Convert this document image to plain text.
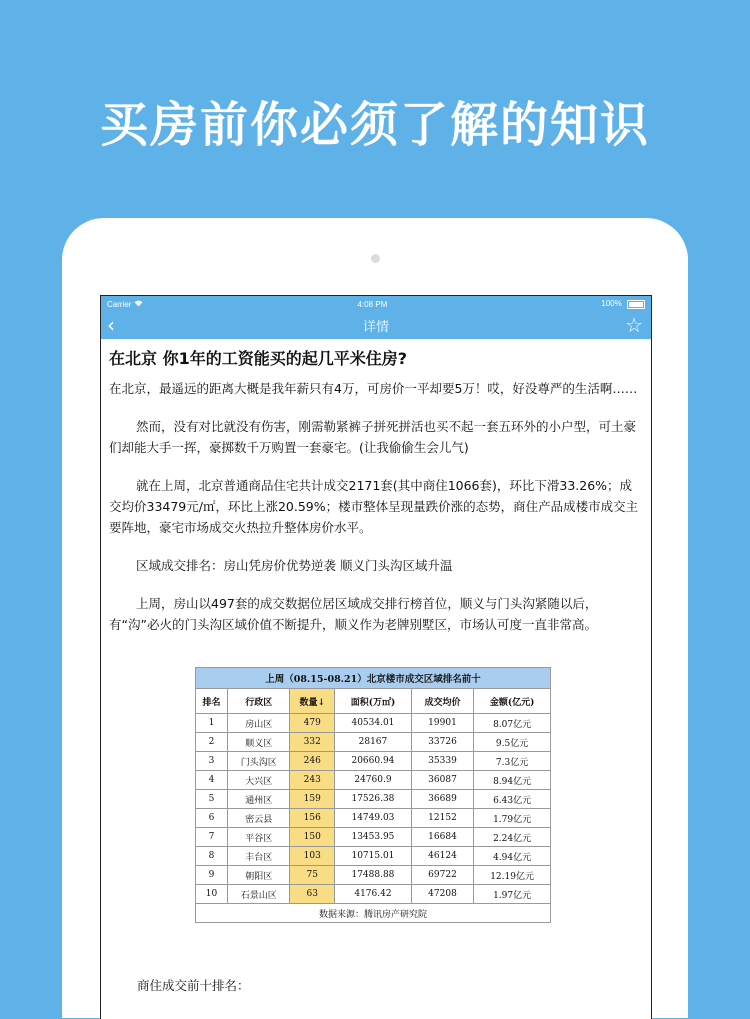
买房前你必须了解的知识
Carrier	4:08 PM	100%
‹	详情	☆
在北京 你1年的工资能买的起几平米住房?

在北京，最遥远的距离大概是我年薪只有4万，可房价一平却要5万！哎，好没尊严的生活啊……

然而，没有对比就没有伤害，刚需勒紧裤子拼死拼活也买不起一套五环外的小户型，可土豪们却能大手一挥，豪掷数千万购置一套豪宅。(让我偷偷生会儿气)

就在上周，北京普通商品住宅共计成交2171套(其中商住1066套)，环比下滑33.26%；成交均价33479元/㎡，环比上涨20.59%；楼市整体呈现量跌价涨的态势，商住产品成楼市成交主要阵地，豪宅市场成交火热拉升整体房价水平。

区域成交排名：房山凭房价优势逆袭 顺义门头沟区域升温

上周，房山以497套的成交数据位居区域成交排行榜首位，顺义与门头沟紧随以后，有“沟”必火的门头沟区域价值不断提升，顺义作为老牌别墅区，市场认可度一直非常高。

上周（08.15-08.21）北京楼市成交区域排名前十					
排名	行政区	数量↓	面积(万㎡)	成交均价	金额(亿元)
1	房山区	479	40534.01	19901	8.07亿元
2	顺义区	332	28167	33726	9.5亿元
3	门头沟区	246	20660.94	35339	7.3亿元
4	大兴区	243	24760.9	36087	8.94亿元
5	通州区	159	17526.38	36689	6.43亿元
6	密云县	156	14749.03	12152	1.79亿元
7	平谷区	150	13453.95	16684	2.24亿元
8	丰台区	103	10715.01	46124	4.94亿元
9	朝阳区	75	17488.88	69722	12.19亿元
10	石景山区	63	4176.42	47208	1.97亿元
数据来源：腾讯房产研究院					
商住成交前十排名：
